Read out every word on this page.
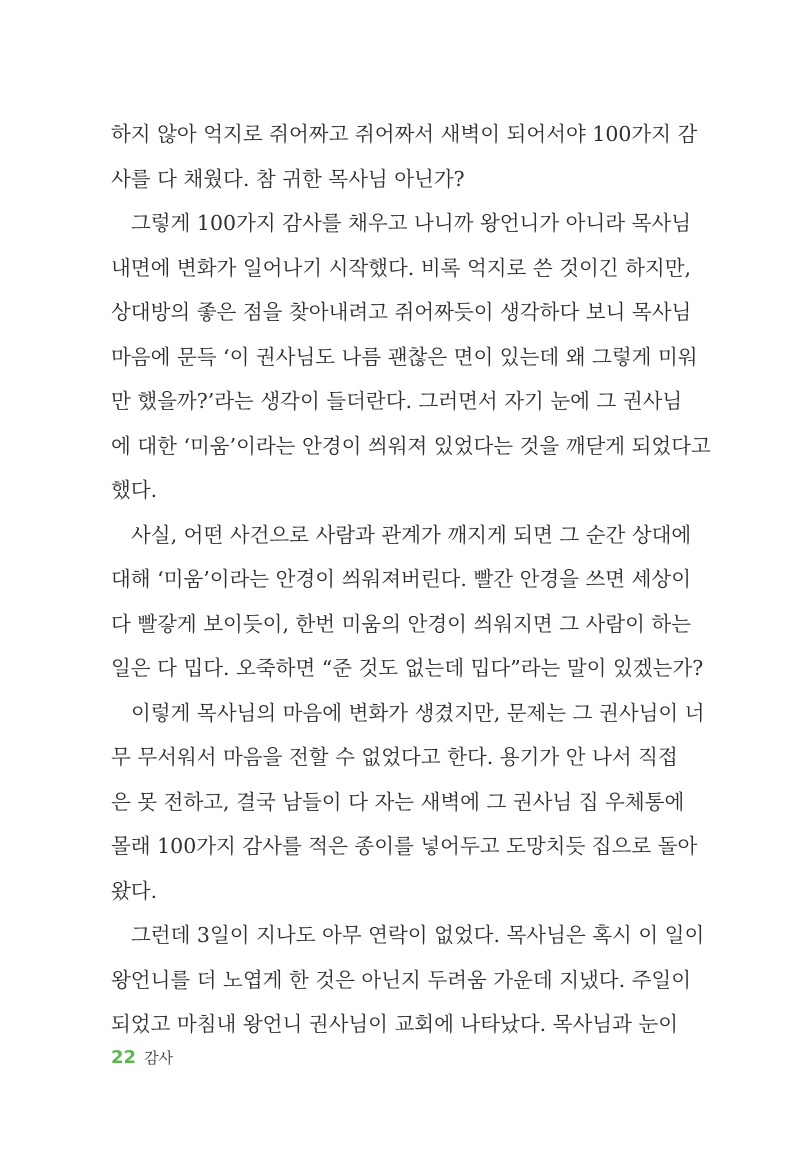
하지 않아 억지로 쥐어짜고 쥐어짜서 새벽이 되어서야 100가지 감
사를 다 채웠다. 참 귀한 목사님 아닌가?
그렇게 100가지 감사를 채우고 나니까 왕언니가 아니라 목사님
내면에 변화가 일어나기 시작했다. 비록 억지로 쓴 것이긴 하지만,
상대방의 좋은 점을 찾아내려고 쥐어짜듯이 생각하다 보니 목사님
마음에 문득 ‘이 권사님도 나름 괜찮은 면이 있는데 왜 그렇게 미워
만 했을까?’라는 생각이 들더란다. 그러면서 자기 눈에 그 권사님
에 대한 ‘미움’이라는 안경이 씌워져 있었다는 것을 깨닫게 되었다고
했다.
사실, 어떤 사건으로 사람과 관계가 깨지게 되면 그 순간 상대에
대해 ‘미움’이라는 안경이 씌워져버린다. 빨간 안경을 쓰면 세상이
다 빨갛게 보이듯이, 한번 미움의 안경이 씌워지면 그 사람이 하는
일은 다 밉다. 오죽하면 “준 것도 없는데 밉다”라는 말이 있겠는가?
이렇게 목사님의 마음에 변화가 생겼지만, 문제는 그 권사님이 너
무 무서워서 마음을 전할 수 없었다고 한다. 용기가 안 나서 직접
은 못 전하고, 결국 남들이 다 자는 새벽에 그 권사님 집 우체통에
몰래 100가지 감사를 적은 종이를 넣어두고 도망치듯 집으로 돌아
왔다.
그런데 3일이 지나도 아무 연락이 없었다. 목사님은 혹시 이 일이
왕언니를 더 노엽게 한 것은 아닌지 두려움 가운데 지냈다. 주일이
되었고 마침내 왕언니 권사님이 교회에 나타났다. 목사님과 눈이
22 감사
